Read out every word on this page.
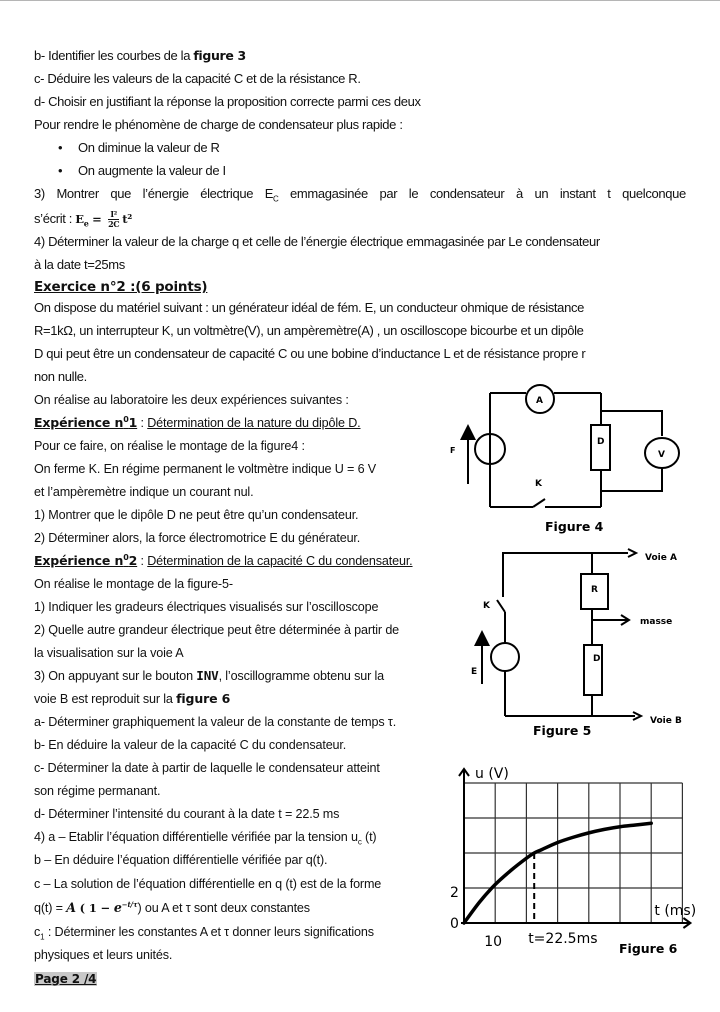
b- Identifier les courbes de la figure 3
c- Déduire les valeurs de la capacité C et de la résistance R.
d- Choisir en justifiant la réponse la proposition correcte parmi ces deux
Pour rendre le phénomène de charge de condensateur plus rapide :
• On diminue la valeur de R
• On augmente la valeur de I
3) Montrer que l’énergie électrique $E_C$ emmagasinée par le condensateur à un instant t quelconque
s’écrit : $E_e = \frac{\text{I²}}{2C} t^2$
4) Déterminer la valeur de la charge q et celle de l’énergie électrique emmagasinée par Le condensateur
à la date t=25ms
Exercice n°2 :(6 points)
On dispose du matériel suivant : un générateur idéal de fém. E, un conducteur ohmique de résistance
R=1kΩ, un interrupteur K, un voltmètre(V), un ampèremètre(A) , un oscilloscope bicourbe et un dipôle
D qui peut être un condensateur de capacité C ou une bobine d’inductance L et de résistance propre r
non nulle.
On réalise au laboratoire les deux expériences suivantes :
Expérience $n^01$ : Détermination de la nature du dipôle D.
Pour ce faire, on réalise le montage de la figure4 :
On ferme K. En régime permanent le voltmètre indique U = 6 V
et l’ampèremètre indique un courant nul.
1) Montrer que le dipôle D ne peut être qu’un condensateur.
2) Déterminer alors, la force électromotrice E du générateur.
Expérience $n^02$ : Détermination de la capacité C du condensateur.
On réalise le montage de la figure-5-
1) Indiquer les gradeurs électriques visualisés sur l’oscilloscope
2) Quelle autre grandeur électrique peut être déterminée à partir de
la visualisation sur la voie A
3) On appuyant sur le bouton INV, l’oscillogramme obtenu sur la
voie B est reproduit sur la figure 6
a- Déterminer graphiquement la valeur de la constante de temps τ.
b- En déduire la valeur de la capacité C du condensateur.
c- Déterminer la date à partir de laquelle le condensateur atteint
son régime permanant.
d- Déterminer l’intensité du courant à la date t = 22.5 ms
4) a – Etablir l’équation différentielle vérifiée par la tension $u_c$ (t)
b – En déduire l’équation différentielle vérifiée par q(t).
c – La solution de l’équation différentielle en q (t) est de la forme
q(t) = A ( $1 - e^{-t/\tau}$) ou A et τ sont deux constantes
$c_1$ : Déterminer les constantes A et τ donner leurs significations
physiques et leurs unités.
Page 2 /4
A
D
V
F
K
Figure 4
Voie A
Voie B
masse
R
D
K
E
Figure 5
u (V)
t (ms)
0
2
10 t=22.5ms
Figure 6
